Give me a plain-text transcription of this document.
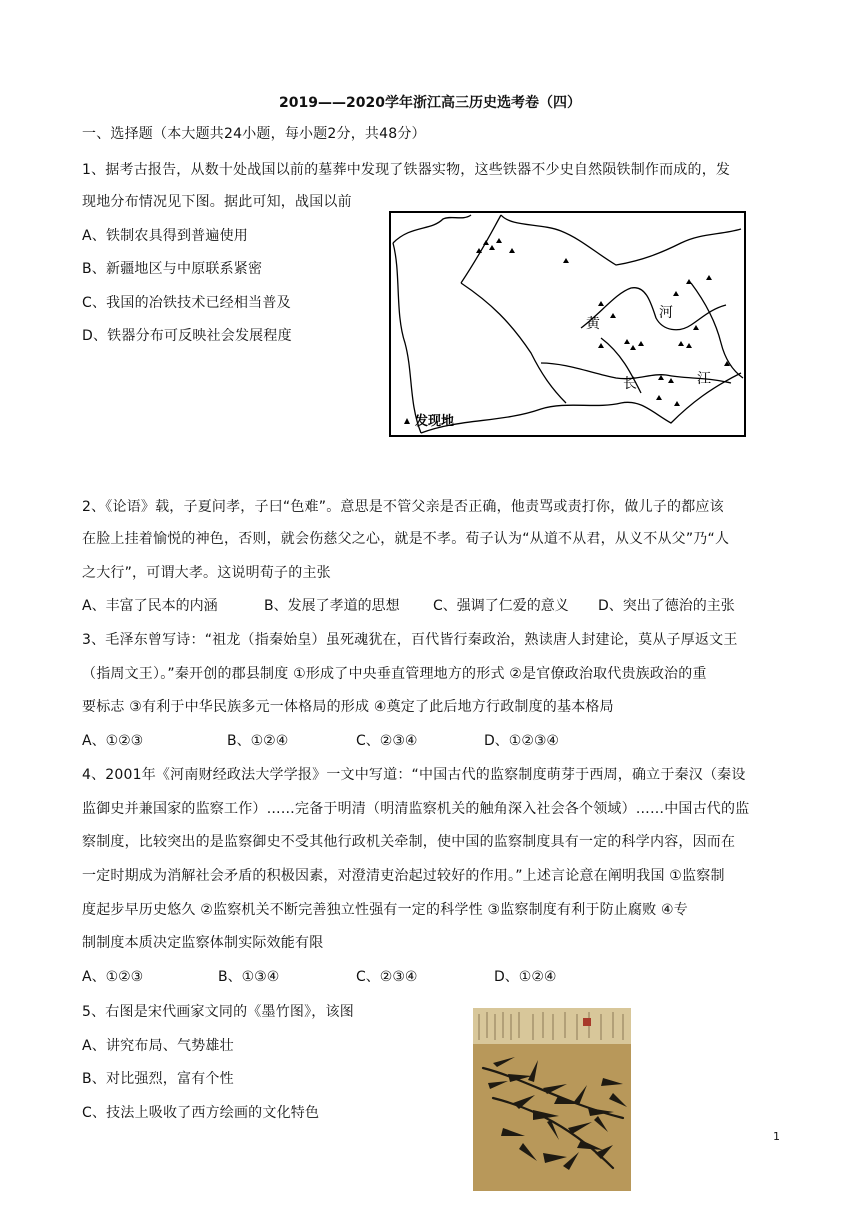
2019——2020学年浙江高三历史选考卷（四）
一、选择题（本大题共24小题，每小题2分，共48分）
1、据考古报告，从数十处战国以前的墓葬中发现了铁器实物，这些铁器不少史自然陨铁制作而成的，发
现地分布情况见下图。据此可知，战国以前
A、铁制农具得到普遍使用
B、新疆地区与中原联系紧密
C、我国的冶铁技术已经相当普及
D、铁器分布可反映社会发展程度
黄
河
长	江
发现地
2、《论语》载，子夏问孝，子曰“色难”。意思是不管父亲是否正确，他责骂或责打你，做儿子的都应该
在脸上挂着愉悦的神色，否则，就会伤慈父之心，就是不孝。荀子认为“从道不从君，从义不从父”乃“人
之大行”，可谓大孝。这说明荀子的主张
A、丰富了民本的内涵	B、发展了孝道的思想 C、强调了仁爱的意义 D、突出了德治的主张
3、毛泽东曾写诗：“祖龙（指秦始皇）虽死魂犹在，百代皆行秦政治，熟读唐人封建论，莫从子厚返文王
（指周文王）。”秦开创的郡县制度 ①形成了中央垂直管理地方的形式 ②是官僚政治取代贵族政治的重
要标志 ③有利于中华民族多元一体格局的形成 ④奠定了此后地方行政制度的基本格局
A、①②③	B、①②④	C、②③④	D、①②③④
4、2001年《河南财经政法大学学报》一文中写道：“中国古代的监察制度萌芽于西周，确立于秦汉（秦设
监御史并兼国家的监察工作）……完备于明清（明清监察机关的触角深入社会各个领域）……中国古代的监
察制度，比较突出的是监察御史不受其他行政机关牵制，使中国的监察制度具有一定的科学内容，因而在
一定时期成为消解社会矛盾的积极因素，对澄清吏治起过较好的作用。”上述言论意在阐明我国 ①监察制
度起步早历史悠久 ②监察机关不断完善独立性强有一定的科学性 ③监察制度有利于防止腐败 ④专
制制度本质决定监察体制实际效能有限
A、①②③	B、①③④	C、②③④	D、①②④
5、右图是宋代画家文同的《墨竹图》，该图
A、讲究布局、气势雄壮
B、对比强烈，富有个性
C、技法上吸收了西方绘画的文化特色
1
